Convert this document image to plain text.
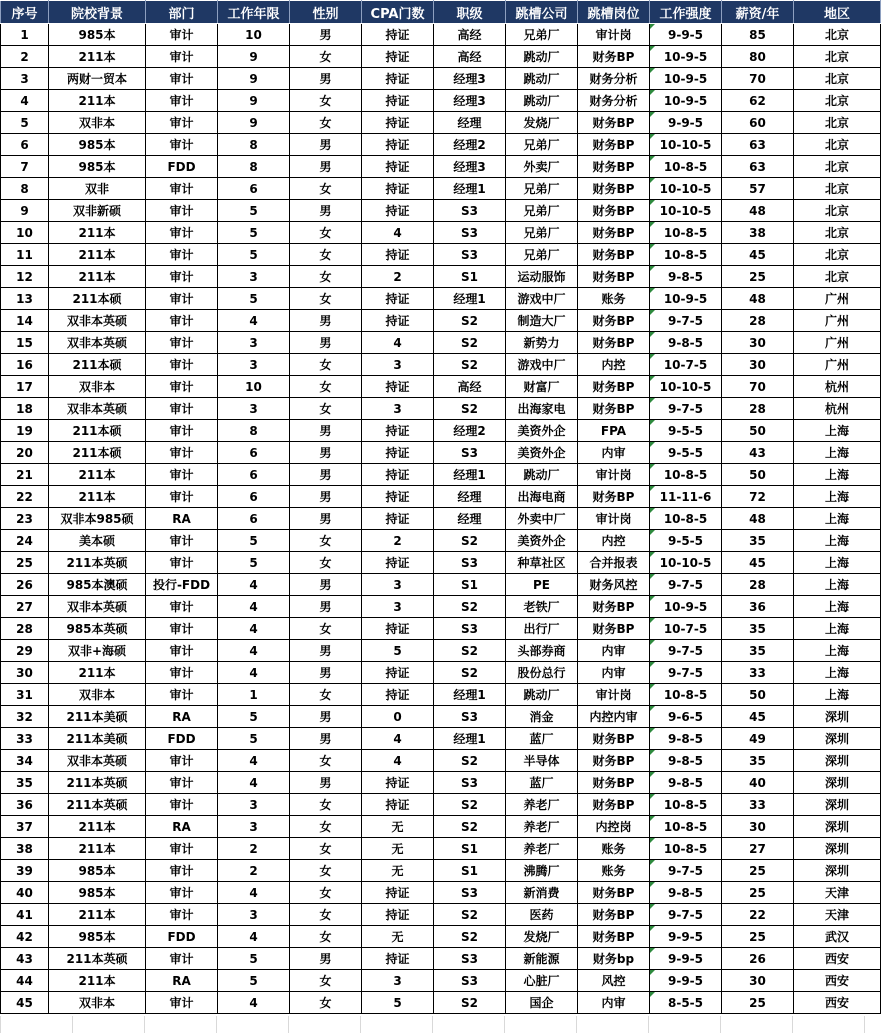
序号	院校背景	部门	工作年限	性别	CPA门数	职级	跳槽公司	跳槽岗位	工作强度	薪资/年	地区
1	985本	审计	10	男	持证	高经	兄弟厂	审计岗	9-9-5	85	北京
2	211本	审计	9	女	持证	高经	跳动厂	财务BP	10-9-5	80	北京
3	两财一贸本	审计	9	男	持证	经理3	跳动厂	财务分析	10-9-5	70	北京
4	211本	审计	9	女	持证	经理3	跳动厂	财务分析	10-9-5	62	北京
5	双非本	审计	9	女	持证	经理	发烧厂	财务BP	9-9-5	60	北京
6	985本	审计	8	男	持证	经理2	兄弟厂	财务BP	10-10-5	63	北京
7	985本	FDD	8	男	持证	经理3	外卖厂	财务BP	10-8-5	63	北京
8	双非	审计	6	女	持证	经理1	兄弟厂	财务BP	10-10-5	57	北京
9	双非新硕	审计	5	男	持证	S3	兄弟厂	财务BP	10-10-5	48	北京
10	211本	审计	5	女	4	S3	兄弟厂	财务BP	10-8-5	38	北京
11	211本	审计	5	女	持证	S3	兄弟厂	财务BP	10-8-5	45	北京
12	211本	审计	3	女	2	S1	运动服饰	财务BP	9-8-5	25	北京
13	211本硕	审计	5	女	持证	经理1	游戏中厂	账务	10-9-5	48	广州
14	双非本英硕	审计	4	男	持证	S2	制造大厂	财务BP	9-7-5	28	广州
15	双非本英硕	审计	3	男	4	S2	新势力	财务BP	9-8-5	30	广州
16	211本硕	审计	3	女	3	S2	游戏中厂	内控	10-7-5	30	广州
17	双非本	审计	10	女	持证	高经	财富厂	财务BP	10-10-5	70	杭州
18	双非本英硕	审计	3	女	3	S2	出海家电	财务BP	9-7-5	28	杭州
19	211本硕	审计	8	男	持证	经理2	美资外企	FPA	9-5-5	50	上海
20	211本硕	审计	6	男	持证	S3	美资外企	内审	9-5-5	43	上海
21	211本	审计	6	男	持证	经理1	跳动厂	审计岗	10-8-5	50	上海
22	211本	审计	6	男	持证	经理	出海电商	财务BP	11-11-6	72	上海
23	双非本985硕	RA	6	男	持证	经理	外卖中厂	审计岗	10-8-5	48	上海
24	美本硕	审计	5	女	2	S2	美资外企	内控	9-5-5	35	上海
25	211本英硕	审计	5	女	持证	S3	种草社区	合并报表	10-10-5	45	上海
26	985本澳硕	投行-FDD	4	男	3	S1	PE	财务风控	9-7-5	28	上海
27	双非本英硕	审计	4	男	3	S2	老铁厂	财务BP	10-9-5	36	上海
28	985本英硕	审计	4	女	持证	S3	出行厂	财务BP	10-7-5	35	上海
29	双非+海硕	审计	4	男	5	S2	头部券商	内审	9-7-5	35	上海
30	211本	审计	4	男	持证	S2	股份总行	内审	9-7-5	33	上海
31	双非本	审计	1	女	持证	经理1	跳动厂	审计岗	10-8-5	50	上海
32	211本美硕	RA	5	男	0	S3	消金	内控内审	9-6-5	45	深圳
33	211本美硕	FDD	5	男	4	经理1	蓝厂	财务BP	9-8-5	49	深圳
34	双非本英硕	审计	4	女	4	S2	半导体	财务BP	9-8-5	35	深圳
35	211本英硕	审计	4	男	持证	S3	蓝厂	财务BP	9-8-5	40	深圳
36	211本英硕	审计	3	女	持证	S2	养老厂	财务BP	10-8-5	33	深圳
37	211本	RA	3	女	无	S2	养老厂	内控岗	10-8-5	30	深圳
38	211本	审计	2	女	无	S1	养老厂	账务	10-8-5	27	深圳
39	985本	审计	2	女	无	S1	沸腾厂	账务	9-7-5	25	深圳
40	985本	审计	4	女	持证	S3	新消费	财务BP	9-8-5	25	天津
41	211本	审计	3	女	持证	S2	医药	财务BP	9-7-5	22	天津
42	985本	FDD	4	女	无	S2	发烧厂	财务BP	9-9-5	25	武汉
43	211本英硕	审计	5	男	持证	S3	新能源	财务bp	9-9-5	26	西安
44	211本	RA	5	女	3	S3	心脏厂	风控	9-9-5	30	西安
45	双非本	审计	4	女	5	S2	国企	内审	8-5-5	25	西安
